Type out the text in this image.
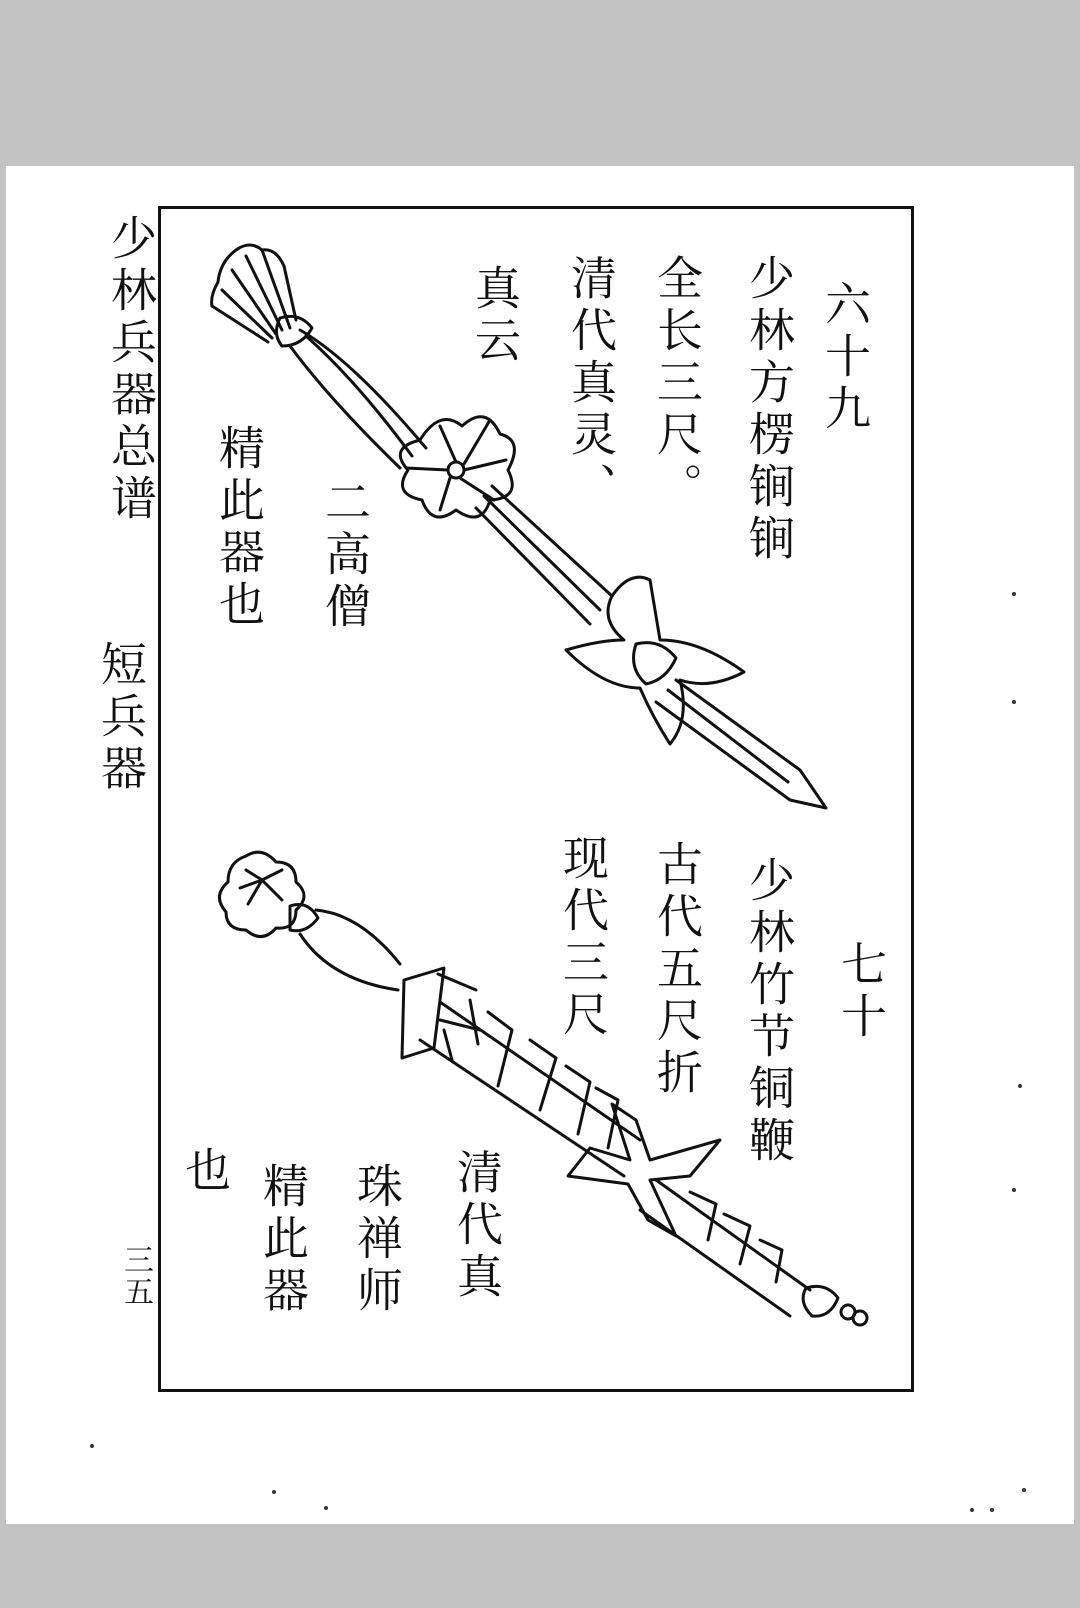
少林兵器总谱
短兵器
三五
六十九
少林方楞锏锏
全长三尺。
清代真灵、
真云
二高僧
精此器也
七十
少林竹节铜鞭
古代五尺折
现代三尺
清代真
珠禅师
精此器
也
